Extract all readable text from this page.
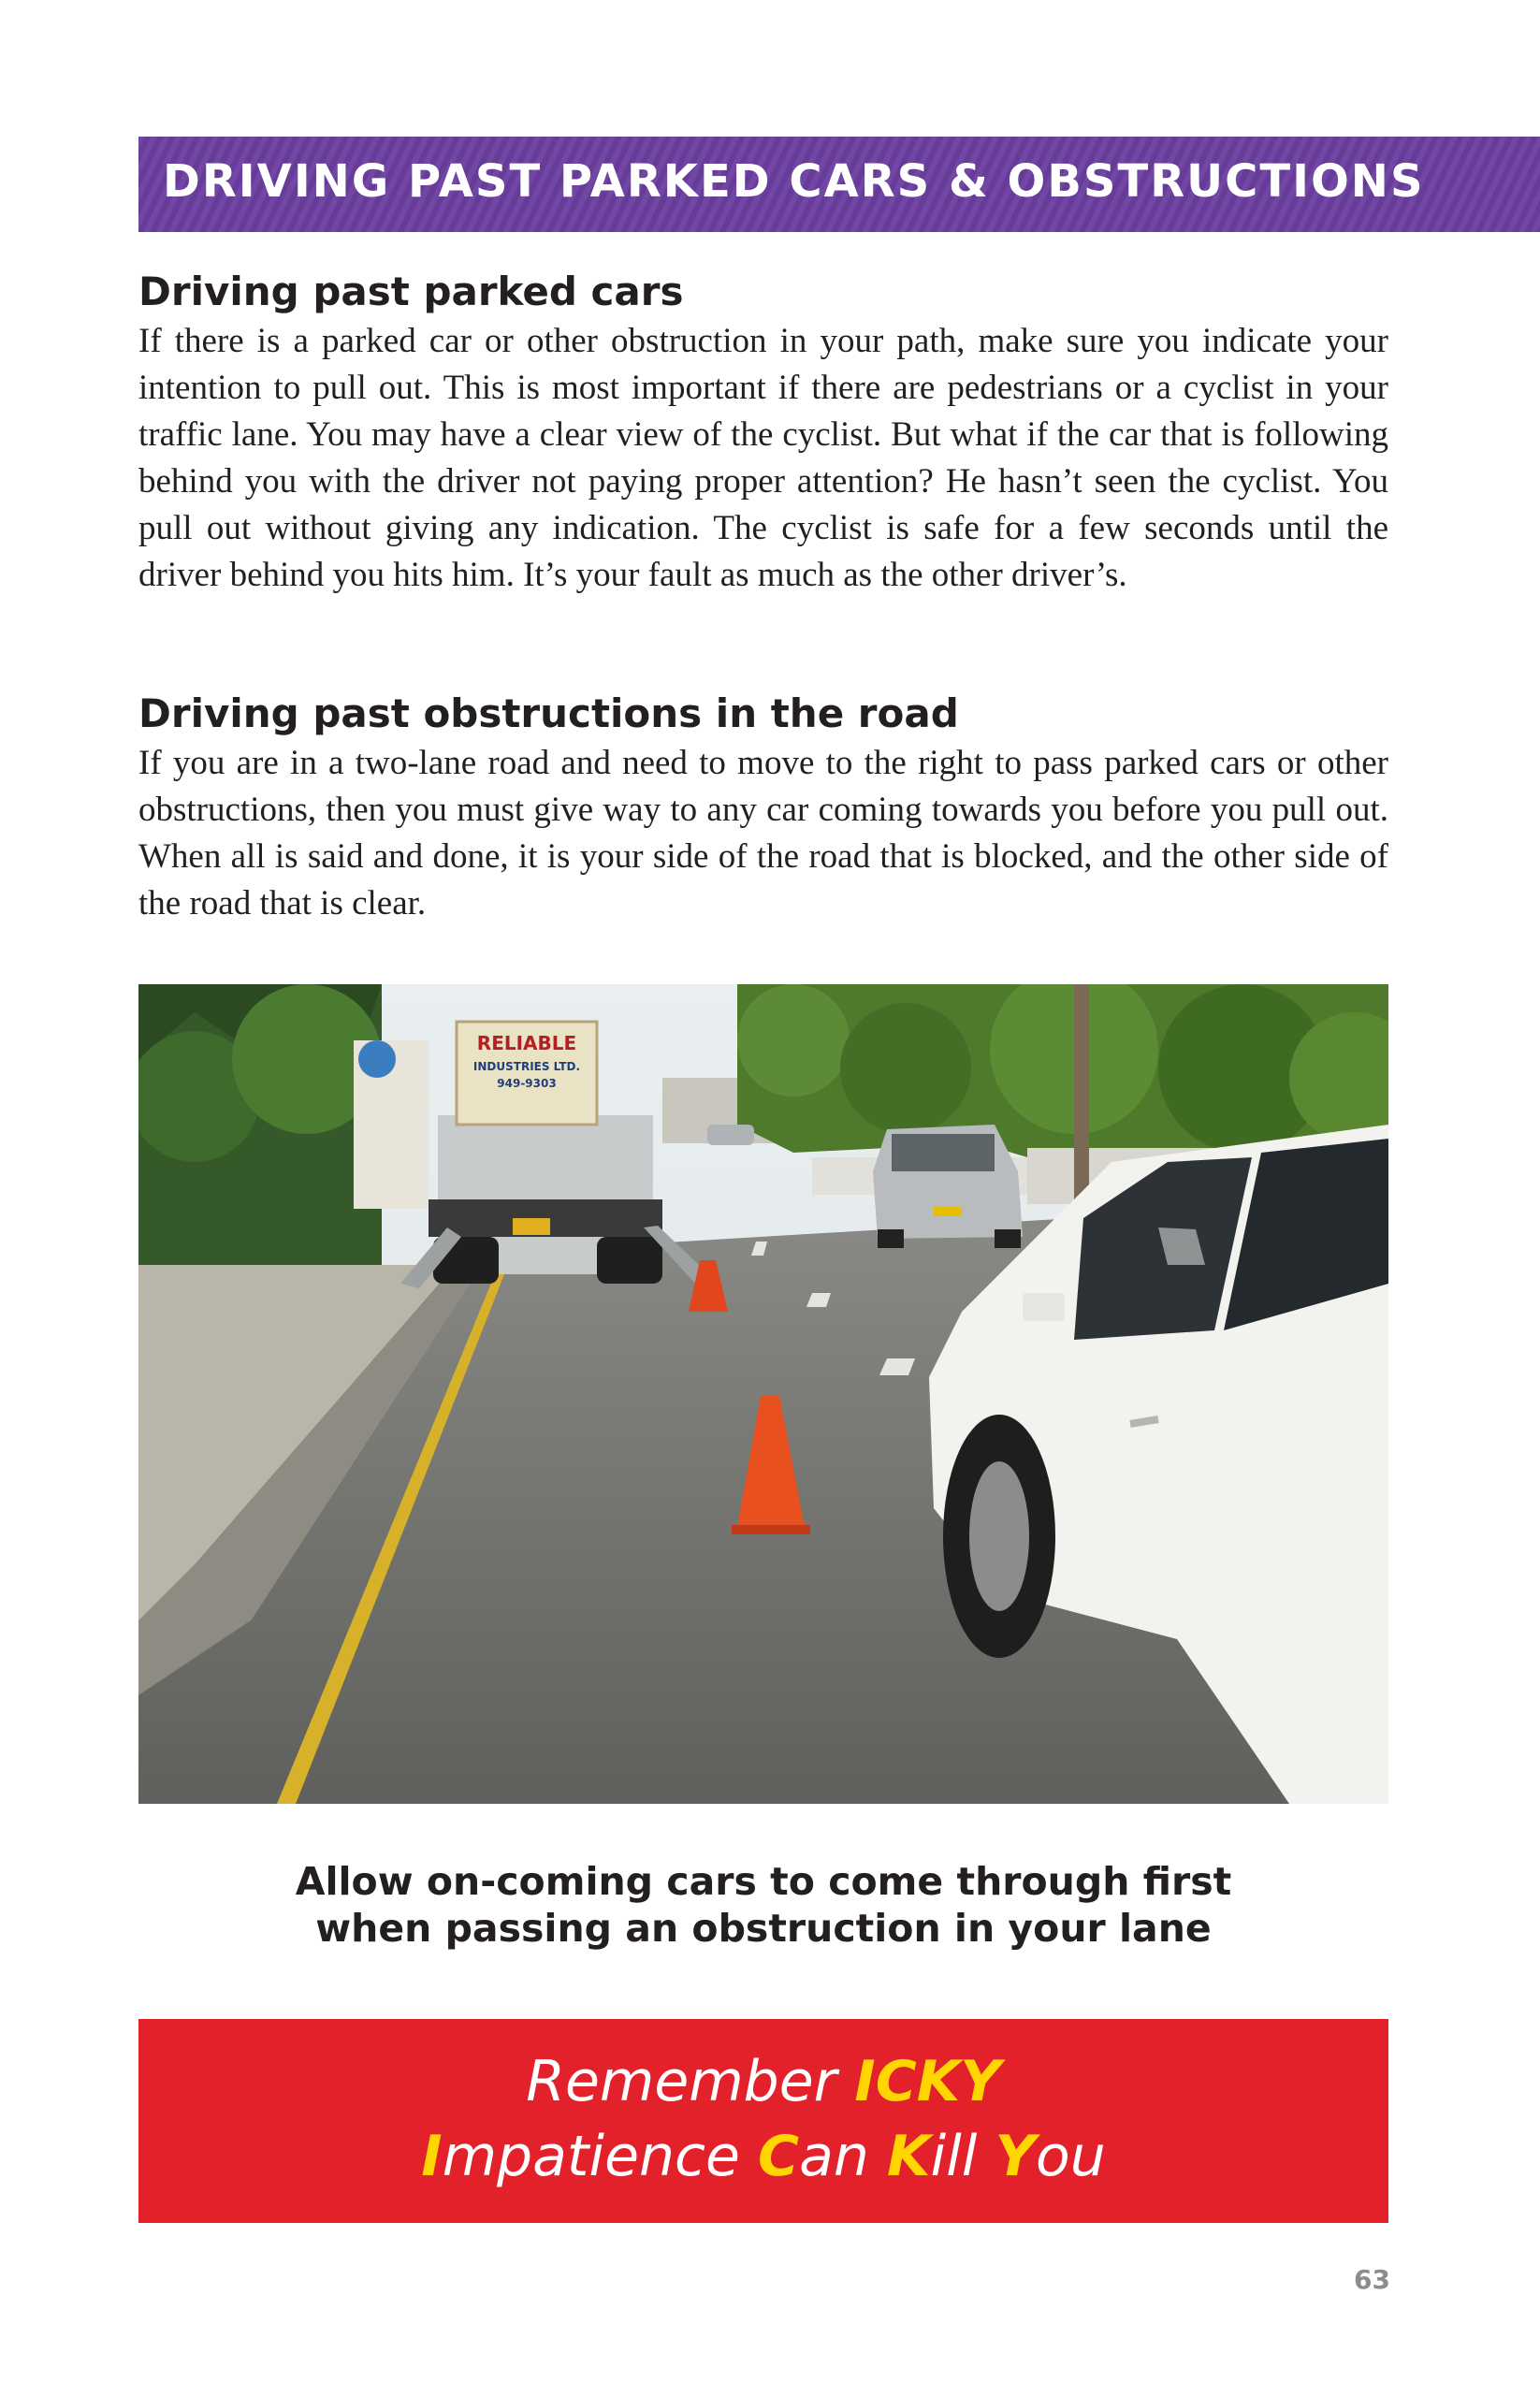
DRIVING PAST PARKED CARS & OBSTRUCTIONS
Driving past parked cars

If there is a parked car or other obstruction in your path, make sure you indicate your intention to pull out. This is most important if there are pedestrians or a cyclist in your traffic lane. You may have a clear view of the cyclist. But what if the car that is following behind you with the driver not paying proper attention? He hasn’t seen the cyclist. You pull out without giving any indication. The cyclist is safe for a few seconds until the driver behind you hits him. It’s your fault as much as the other driver’s.

Driving past obstructions in the road

If you are in a two-lane road and need to move to the right to pass parked cars or other obstructions, then you must give way to any car coming towards you before you pull out. When all is said and done, it is your side of the road that is blocked, and the other side of the road that is clear.

RELIABLE
INDUSTRIES LTD.
949-9303
Allow on-coming cars to come through first
when passing an obstruction in your lane
Remember ICKY
Impatience Can Kill You
63
